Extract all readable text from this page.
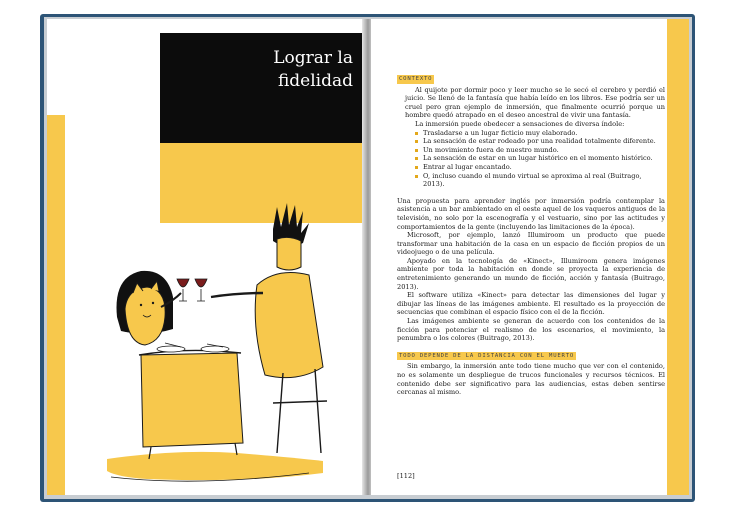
Lograr la
fidelidad	CONTEXTO

Al quijote por dormir poco y leer mucho se le secó el cerebro y perdió el juicio. Se llenó de la fantasía que había leído en los libros. Ese podría ser un cruel pero gran ejemplo de inmersión, que finalmente ocurrió porque un hombre quedó atrapado en el deseo ancestral de vivir una fantasía.

La inmersión puede obedecer a sensaciones de diversa índole:

Trasladarse a un lugar ficticio muy elaborado.
La sensación de estar rodeado por una realidad totalmente diferente.
Un movimiento fuera de nuestro mundo.
La sensación de estar en un lugar histórico en el momento histórico.
Entrar al lugar encantado.
O, incluso cuando el mundo virtual se aproxima al real (Buitrago, 2013).

Una propuesta para aprender inglés por inmersión podría contemplar la asistencia a un bar ambientado en el oeste aquel de los vaqueros antiguos de la televisión, no solo por la escenografía y el vestuario, sino por las actitudes y comportamientos de la gente (incluyendo las limitaciones de la época).

Microsoft, por ejemplo, lanzó Illumiroom un producto que puede transformar una habitación de la casa en un espacio de ficción propios de un videojuego o de una película.

Apoyado en la tecnología de «Kinect», Illumiroom genera imágenes ambiente por toda la habitación en donde se proyecta la experiencia de entretenimiento generando un mundo de ficción, acción y fantasía (Buitrago, 2013).

El software utiliza «Kinect» para detectar las dimensiones del lugar y dibujar las líneas de las imágenes ambiente. El resultado es la proyección de secuencias que combinan el espacio físico con el de la ficción.

Las imágenes ambiente se generan de acuerdo con los contenidos de la ficción para potenciar el realismo de los escenarios, el movimiento, la penumbra o los colores (Buitrago, 2013).

TODO DEPENDE DE LA DISTANCIA CON EL MUERTO

Sin embargo, la inmersión ante todo tiene mucho que ver con el contenido, no es solamente un despliegue de trucos funcionales y recursos técnicos. El contenido debe ser significativo para las audiencias, estas deben sentirse cercanas al mismo.

[112]
